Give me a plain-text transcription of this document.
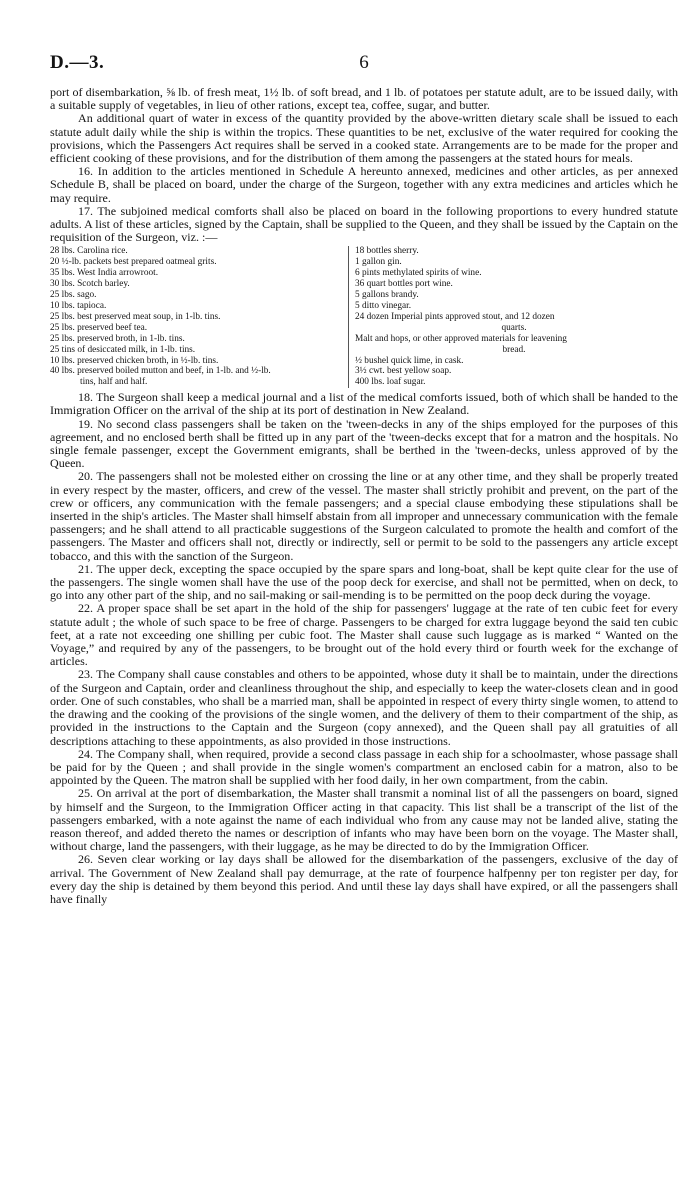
D.—3.	6

port of disembarkation, ⅝ lb. of fresh meat, 1½ lb. of soft bread, and 1 lb. of potatoes per statute adult, are to be issued daily, with a suitable supply of vegetables, in lieu of other rations, except tea, coffee, sugar, and butter.

An additional quart of water in excess of the quantity provided by the above-written dietary scale shall be issued to each statute adult daily while the ship is within the tropics. These quantities to be net, exclusive of the water required for cooking the provisions, which the Passengers Act requires shall be served in a cooked state. Arrangements are to be made for the proper and efficient cooking of these provisions, and for the distribution of them among the passengers at the stated hours for meals.

16. In addition to the articles mentioned in Schedule A hereunto annexed, medicines and other articles, as per annexed Schedule B, shall be placed on board, under the charge of the Surgeon, together with any extra medicines and articles which he may require.

17. The subjoined medical comforts shall also be placed on board in the following proportions to every hundred statute adults. A list of these articles, signed by the Captain, shall be supplied to the Queen, and they shall be issued by the Captain on the requisition of the Surgeon, viz. :—

28 lbs. Carolina rice.
20 ½-lb. packets best prepared oatmeal grits.
35 lbs. West India arrowroot.
30 lbs. Scotch barley.
25 lbs. sago.
10 lbs. tapioca.
25 lbs. best preserved meat soup, in 1-lb. tins.
25 lbs. preserved beef tea.
25 lbs. preserved broth, in 1-lb. tins.
25 tins of desiccated milk, in 1-lb. tins.
10 lbs. preserved chicken broth, in ½-lb. tins.
40 lbs. preserved boiled mutton and beef, in 1-lb. and ½-lb.
tins, half and half.
18 bottles sherry.
1 gallon gin.
6 pints methylated spirits of wine.
36 quart bottles port wine.
5 gallons brandy.
5 ditto vinegar.
24 dozen Imperial pints approved stout, and 12 dozen
quarts.
Malt and hops, or other approved materials for leavening
bread.
½ bushel quick lime, in cask.
3½ cwt. best yellow soap.
400 lbs. loaf sugar.

18. The Surgeon shall keep a medical journal and a list of the medical comforts issued, both of which shall be handed to the Immigration Officer on the arrival of the ship at its port of destination in New Zealand.

19. No second class passengers shall be taken on the 'tween-decks in any of the ships employed for the purposes of this agreement, and no enclosed berth shall be fitted up in any part of the 'tween-decks except that for a matron and the hospitals. No single female passenger, except the Government emigrants, shall be berthed in the 'tween-decks, unless approved of by the Queen.

20. The passengers shall not be molested either on crossing the line or at any other time, and they shall be properly treated in every respect by the master, officers, and crew of the vessel. The master shall strictly prohibit and prevent, on the part of the crew or officers, any communication with the female passengers; and a special clause embodying these stipulations shall be inserted in the ship's articles. The Master shall himself abstain from all improper and unnecessary communication with the female passengers; and he shall attend to all practicable suggestions of the Surgeon calculated to promote the health and comfort of the passengers. The Master and officers shall not, directly or indirectly, sell or permit to be sold to the passengers any article except tobacco, and this with the sanction of the Surgeon.

21. The upper deck, excepting the space occupied by the spare spars and long-boat, shall be kept quite clear for the use of the passengers. The single women shall have the use of the poop deck for exercise, and shall not be permitted, when on deck, to go into any other part of the ship, and no sail-making or sail-mending is to be permitted on the poop deck during the voyage.

22. A proper space shall be set apart in the hold of the ship for passengers' luggage at the rate of ten cubic feet for every statute adult ; the whole of such space to be free of charge. Passengers to be charged for extra luggage beyond the said ten cubic feet, at a rate not exceeding one shilling per cubic foot. The Master shall cause such luggage as is marked “ Wanted on the Voyage,” and required by any of the passengers, to be brought out of the hold every third or fourth week for the exchange of articles.

23. The Company shall cause constables and others to be appointed, whose duty it shall be to maintain, under the directions of the Surgeon and Captain, order and cleanliness throughout the ship, and especially to keep the water-closets clean and in good order. One of such constables, who shall be a married man, shall be appointed in respect of every thirty single women, to attend to the drawing and the cooking of the provisions of the single women, and the delivery of them to their compartment of the ship, as provided in the instructions to the Captain and the Surgeon (copy annexed), and the Queen shall pay all gratuities of all descriptions attaching to these appointments, as also provided in those instructions.

24. The Company shall, when required, provide a second class passage in each ship for a schoolmaster, whose passage shall be paid for by the Queen ; and shall provide in the single women's compartment an enclosed cabin for a matron, also to be appointed by the Queen. The matron shall be supplied with her food daily, in her own compartment, from the cabin.

25. On arrival at the port of disembarkation, the Master shall transmit a nominal list of all the passengers on board, signed by himself and the Surgeon, to the Immigration Officer acting in that capacity. This list shall be a transcript of the list of the passengers embarked, with a note against the name of each individual who from any cause may not be landed alive, stating the reason thereof, and added thereto the names or description of infants who may have been born on the voyage. The Master shall, without charge, land the passengers, with their luggage, as he may be directed to do by the Immigration Officer.

26. Seven clear working or lay days shall be allowed for the disembarkation of the passengers, exclusive of the day of arrival. The Government of New Zealand shall pay demurrage, at the rate of fourpence halfpenny per ton register per day, for every day the ship is detained by them beyond this period. And until these lay days shall have expired, or all the passengers shall have finally
